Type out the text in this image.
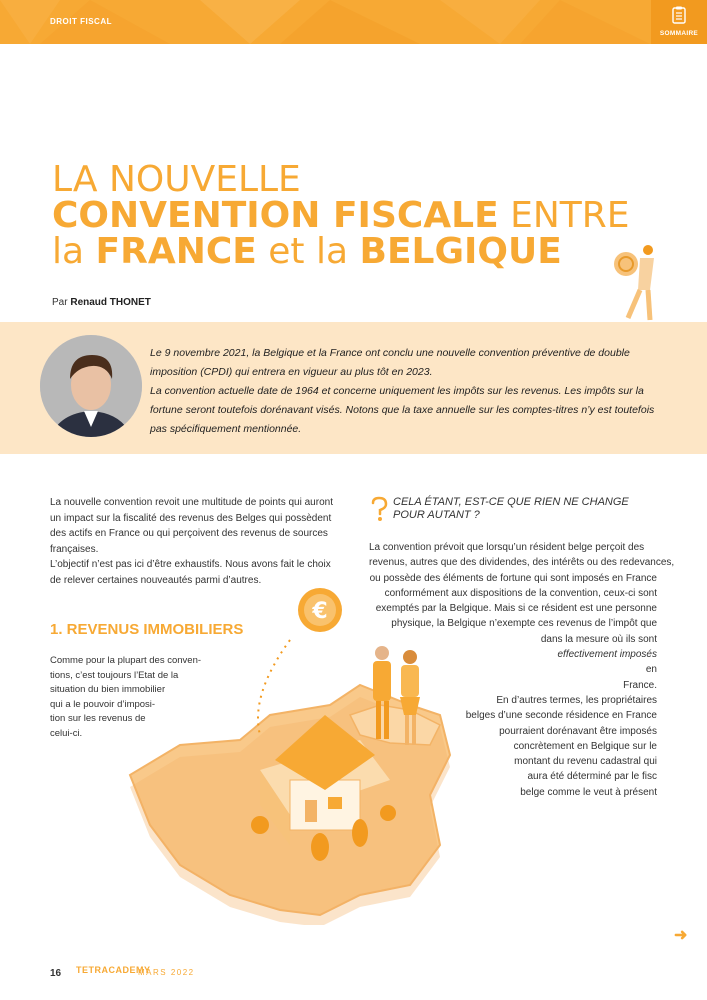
DROIT FISCAL
SOMMAIRE
LA NOUVELLE
CONVENTION FISCALE ENTRE
la FRANCE et la BELGIQUE
Par Renaud THONET

Le 9 novembre 2021, la Belgique et la France ont conclu une nouvelle convention préventive de double imposition (CPDI) qui entrera en vigueur au plus tôt en 2023.

La convention actuelle date de 1964 et concerne uniquement les impôts sur les revenus. Les impôts sur la fortune seront toutefois dorénavant visés. Notons que la taxe annuelle sur les comptes-titres n’y est toutefois pas spécifiquement mentionnée.

La nouvelle convention revoit une multitude de points qui auront un impact sur la fiscalité des revenus des Belges qui possèdent des actifs en France ou qui perçoivent des revenus de sources françaises.

L’objectif n’est pas ici d’être exhaustifs. Nous avons fait le choix de relever certaines nouveautés parmi d’autres.

1. REVENUS IMMOBILIERS
Comme pour la plupart des conven-
tions, c’est toujours l’Etat de la
situation du bien immobilier
qui a le pouvoir d’imposi-
tion sur les revenus de
celui-ci.
CELA ÉTANT, EST-CE QUE RIEN NE CHANGE POUR AUTANT ?
La convention prévoit que lorsqu’un résident belge perçoit des
revenus, autres que des dividendes, des intérêts ou des redevances,
ou possède des éléments de fortune qui sont imposés en France
conformément aux dispositions de la convention, ceux-ci sont
exemptés par la Belgique. Mais si ce résident est une personne
physique, la Belgique n’exempte ces revenus de l’impôt que
dans la mesure où ils sont
effectivement imposés
en
France.
En d’autres termes, les propriétaires
belges d’une seconde résidence en France
pourraient dorénavant être imposés
concrètement en Belgique sur le
montant du revenu cadastral qui
aura été déterminé par le fisc
belge comme le veut à présent
€
➜
16 TETRACADEMY
MARS 2022
